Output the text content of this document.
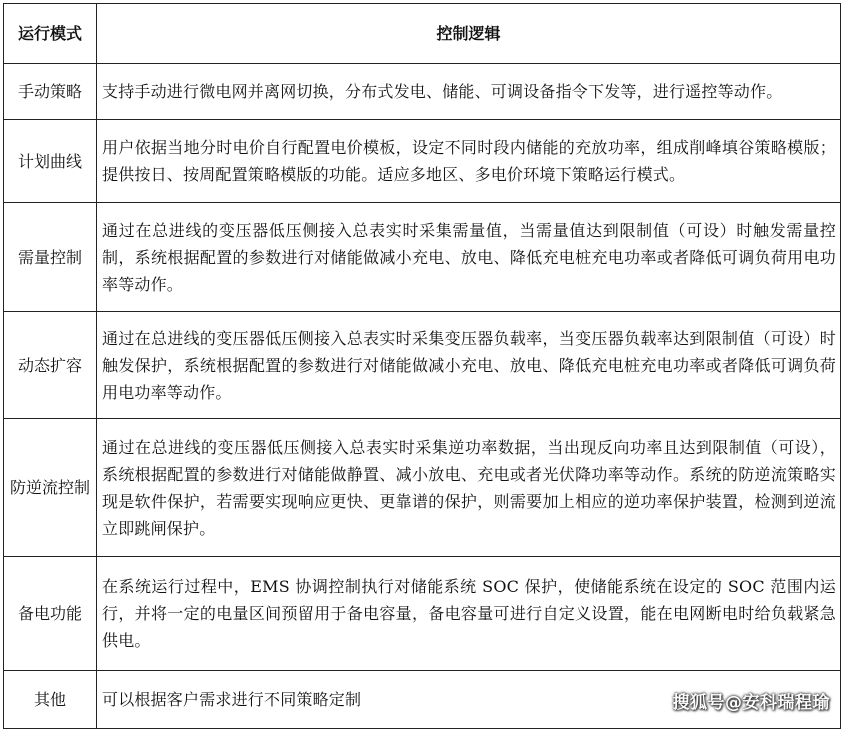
运行模式	控制逻辑
手动策略	支持手动进行微电网并离网切换，分布式发电、储能、可调设备指令下发等，进行遥控等动作。
计划曲线	用户依据当地分时电价自行配置电价模板，设定不同时段内储能的充放功率，组成削峰填谷策略模版；提供按日、按周配置策略模版的功能。适应多地区、多电价环境下策略运行模式。
需量控制	通过在总进线的变压器低压侧接入总表实时采集需量值，当需量值达到限制值（可设）时触发需量控制，系统根据配置的参数进行对储能做减小充电、放电、降低充电桩充电功率或者降低可调负荷用电功率等动作。
动态扩容	通过在总进线的变压器低压侧接入总表实时采集变压器负载率，当变压器负载率达到限制值（可设）时触发保护，系统根据配置的参数进行对储能做减小充电、放电、降低充电桩充电功率或者降低可调负荷用电功率等动作。
防逆流控制	通过在总进线的变压器低压侧接入总表实时采集逆功率数据，当出现反向功率且达到限制值（可设），系统根据配置的参数进行对储能做静置、减小放电、充电或者光伏降功率等动作。系统的防逆流策略实现是软件保护，若需要实现响应更快、更靠谱的保护，则需要加上相应的逆功率保护装置，检测到逆流立即跳闸保护。
备电功能	在系统运行过程中，EMS 协调控制执行对储能系统 SOC 保护，使储能系统在设定的 SOC 范围内运行，并将一定的电量区间预留用于备电容量，备电容量可进行自定义设置，能在电网断电时给负载紧急供电。
其他	可以根据客户需求进行不同策略定制	搜狐号@安科瑞程瑜
